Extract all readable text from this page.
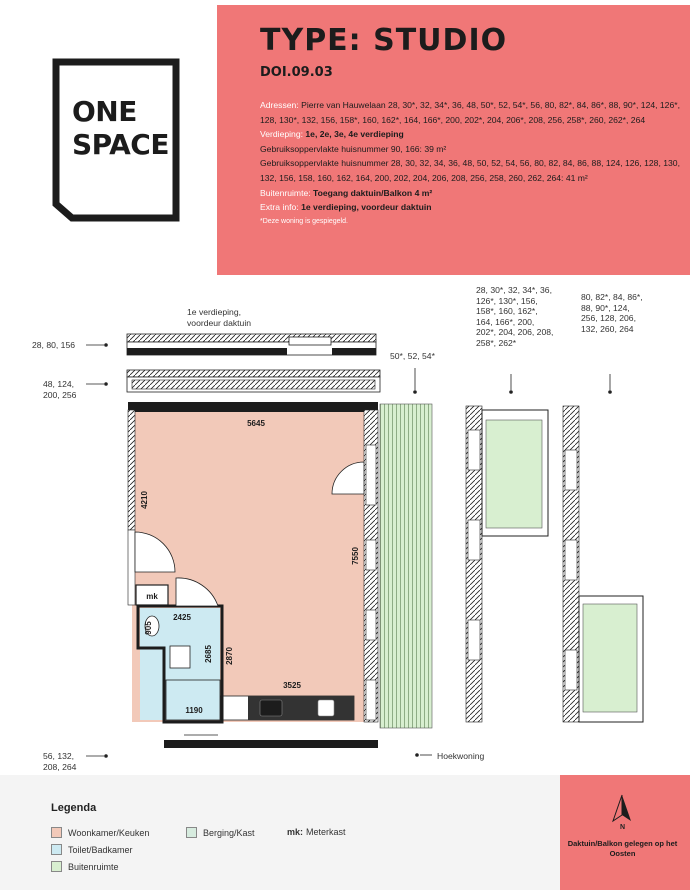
TYPE: STUDIO
DOI.09.03
Adressen: Pierre van Hauwelaan 28, 30*, 32, 34*, 36, 48, 50*, 52, 54*, 56, 80, 82*, 84, 86*, 88, 90*, 124, 126*, 128, 130*, 132, 156, 158*, 160, 162*, 164, 166*, 200, 202*, 204, 206*, 208, 256, 258*, 260, 262*, 264
Verdieping: 1e, 2e, 3e, 4e verdieping
Gebruiksoppervlakte huisnummer 90, 166: 39 m²
Gebruiksoppervlakte huisnummer 28, 30, 32, 34, 36, 48, 50, 52, 54, 56, 80, 82, 84, 86, 88, 124, 126, 128, 130, 132, 156, 158, 160, 162, 164, 200, 202, 204, 206, 208, 256, 258, 260, 262, 264: 41 m²
Buitenruimte: Toegang daktuin/Balkon 4 m²
Extra info: 1e verdieping, voordeur daktuin
*Deze woning is gespiegeld.
ONE
SPACE
5645
4210
7550
2425
905
2685 2870
3525
1190
mk
1e verdieping, voordeur daktuin
28, 80, 156
48, 124, 200, 256
56, 132, 208, 264
50*, 52, 54*
28, 30*, 32, 34*, 36, 126*, 130*, 156, 158*, 160, 162*, 164, 166*, 200, 202*, 204, 206, 208, 258*, 262*
80, 82*, 84, 86*, 88, 90*, 124, 256, 128, 206, 132, 260, 264
Hoekwoning
Legenda
Woonkamer/Keuken
Toilet/Badkamer
Buitenruimte
Berging/Kast	mk: Meterkast	N
Daktuin/Balkon gelegen op het Oosten
